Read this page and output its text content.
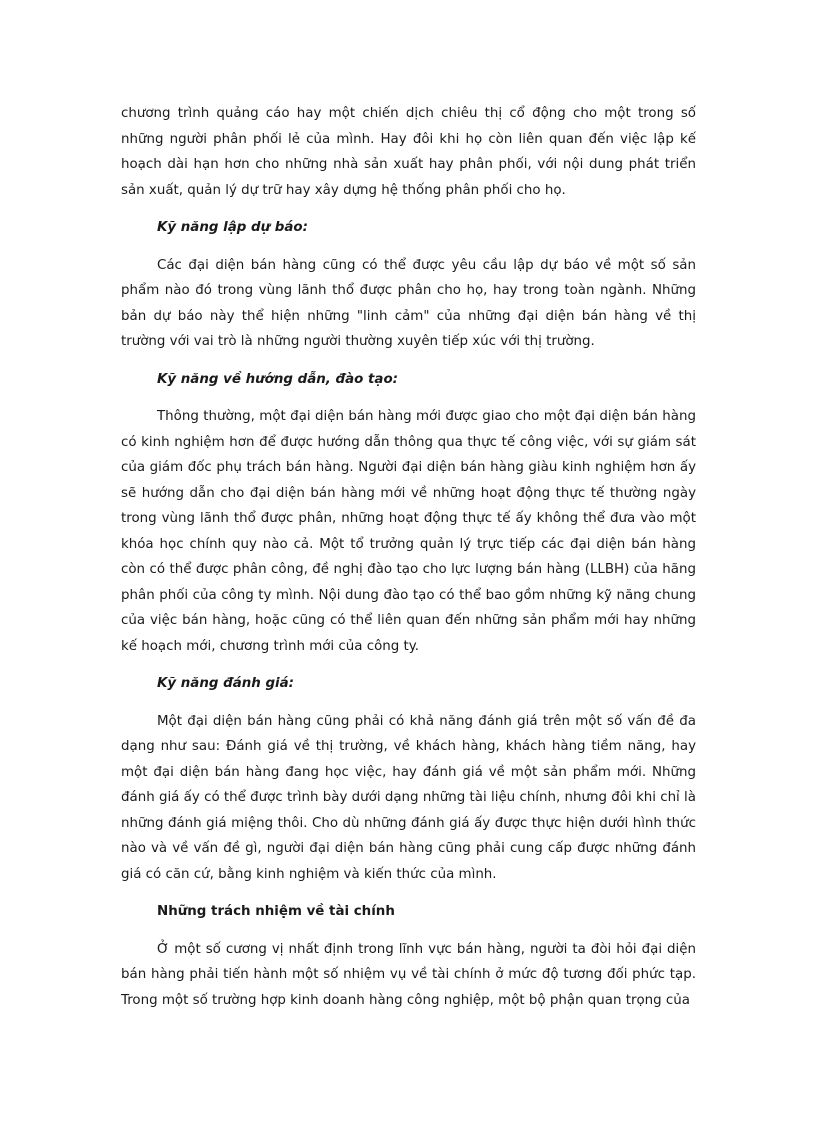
chương trình quảng cáo hay một chiến dịch chiêu thị cổ động cho một trong số những người phân phối lẻ của mình. Hay đôi khi họ còn liên quan đến việc lập kế hoạch dài hạn hơn cho những nhà sản xuất hay phân phối, với nội dung phát triển sản xuất, quản lý dự trữ hay xây dựng hệ thống phân phối cho họ.

Kỹ năng lập dự báo:

Các đại diện bán hàng cũng có thể được yêu cầu lập dự báo về một số sản phẩm nào đó trong vùng lãnh thổ được phân cho họ, hay trong toàn ngành. Những bản dự báo này thể hiện những "linh cảm" của những đại diện bán hàng về thị trường với vai trò là những người thường xuyên tiếp xúc với thị trường.

Kỹ năng về hướng dẫn, đào tạo:

Thông thường, một đại diện bán hàng mới được giao cho một đại diện bán hàng có kinh nghiệm hơn để được hướng dẫn thông qua thực tế công việc, với sự giám sát của giám đốc phụ trách bán hàng. Người đại diện bán hàng giàu kinh nghiệm hơn ấy sẽ hướng dẫn cho đại diện bán hàng mới về những hoạt động thực tế thường ngày trong vùng lãnh thổ được phân, những hoạt động thực tế ấy không thể đưa vào một khóa học chính quy nào cả. Một tổ trưởng quản lý trực tiếp các đại diện bán hàng còn có thể được phân công, đề nghị đào tạo cho lực lượng bán hàng (LLBH) của hãng phân phối của công ty mình. Nội dung đào tạo có thể bao gồm những kỹ năng chung của việc bán hàng, hoặc cũng có thể liên quan đến những sản phẩm mới hay những kế hoạch mới, chương trình mới của công ty.

Kỹ năng đánh giá:

Một đại diện bán hàng cũng phải có khả năng đánh giá trên một số vấn đề đa dạng như sau: Đánh giá về thị trường, về khách hàng, khách hàng tiềm năng, hay một đại diện bán hàng đang học việc, hay đánh giá về một sản phẩm mới. Những đánh giá ấy có thể được trình bày dưới dạng những tài liệu chính, nhưng đôi khi chỉ là những đánh giá miệng thôi. Cho dù những đánh giá ấy được thực hiện dưới hình thức nào và về vấn đề gì, người đại diện bán hàng cũng phải cung cấp được những đánh giá có căn cứ, bằng kinh nghiệm và kiến thức của mình.

Những trách nhiệm về tài chính

Ở một số cương vị nhất định trong lĩnh vực bán hàng, người ta đòi hỏi đại diện bán hàng phải tiến hành một số nhiệm vụ về tài chính ở mức độ tương đối phức tạp. Trong một số trường hợp kinh doanh hàng công nghiệp, một bộ phận quan trọng của
